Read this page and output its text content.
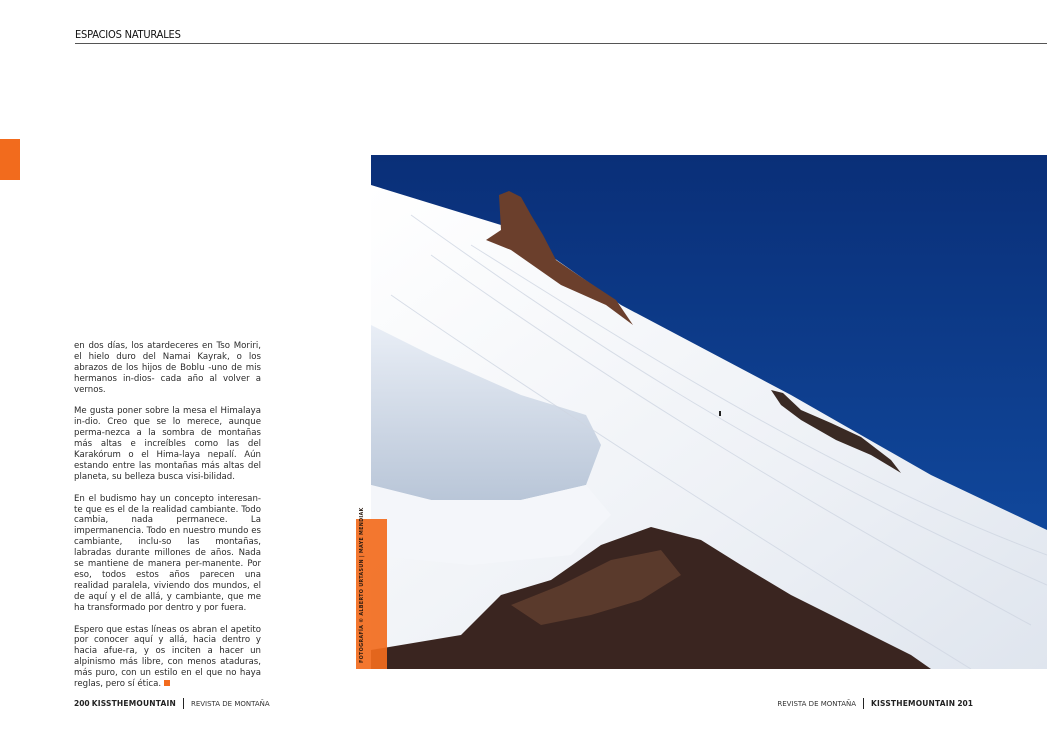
ESPACIOS NATURALES

en dos días, los atardeceres en Tso Moriri, el hielo duro del Namai Kayrak, o los abrazos de los hijos de Boblu -uno de mis hermanos in-dios- cada año al volver a vernos.

Me gusta poner sobre la mesa el Himalaya in-dio. Creo que se lo merece, aunque perma-nezca a la sombra de montañas más altas e increíbles como las del Karakórum o el Hima-laya nepalí. Aún estando entre las montañas más altas del planeta, su belleza busca visi-bilidad.

En el budismo hay un concepto interesan-te que es el de la realidad cambiante. Todo cambia, nada permanece. La impermanencia. Todo en nuestro mundo es cambiante, inclu-so las montañas, labradas durante millones de años. Nada se mantiene de manera per-manente. Por eso, todos estos años parecen una realidad paralela, viviendo dos mundos, el de aquí y el de allá, y cambiante, que me ha transformado por dentro y por fuera.

Espero que estas líneas os abran el apetito por conocer aquí y allá, hacia dentro y hacia afue-ra, y os inciten a hacer un alpinismo más libre, con menos ataduras, más puro, con un estilo en el que no haya reglas, pero sí ética.

FOTOGRAFÍA © ALBERTO URTASUN | MAYE MENDIAK
200
KISSTHEMOUNTAIN REVISTA DE MONTAÑA	REVISTA DE MONTAÑA KISSTHEMOUNTAIN
201
